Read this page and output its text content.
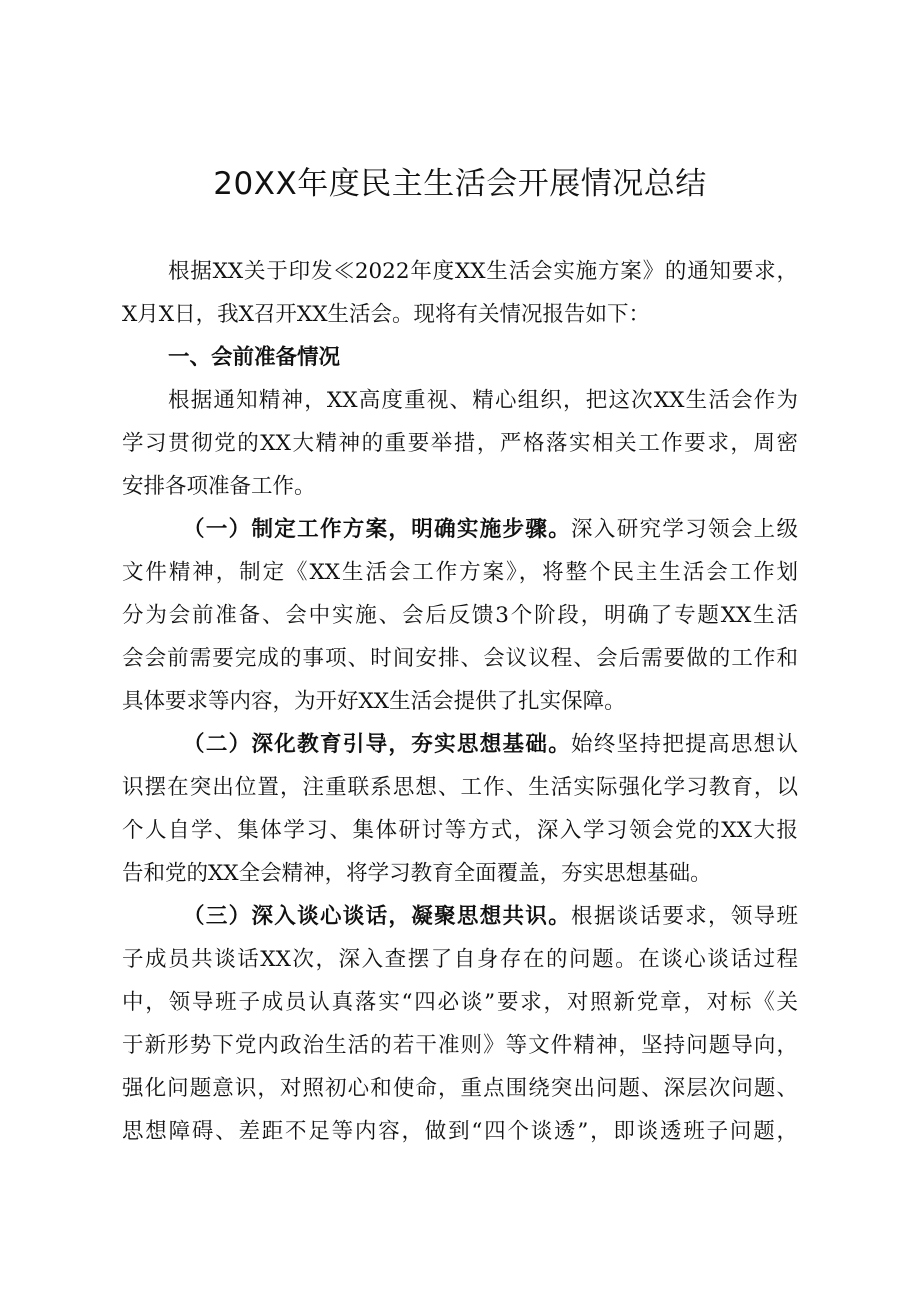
20XX年度民主生活会开展情况总结
根据XX关于印发≪2022年度XX生活会实施方案》的通知要求，
X月X日，我X召开XX生活会。现将有关情况报告如下：
一、会前准备情况
根据通知精神，XX高度重视、精心组织，把这次XX生活会作为
学习贯彻党的XX大精神的重要举措，严格落实相关工作要求，周密
安排各项准备工作。
（一）制定工作方案，明确实施步骤。深入研究学习领会上级
文件精神，制定《XX生活会工作方案》，将整个民主生活会工作划
分为会前准备、会中实施、会后反馈3个阶段，明确了专题XX生活
会会前需要完成的事项、时间安排、会议议程、会后需要做的工作和
具体要求等内容，为开好XX生活会提供了扎实保障。
（二）深化教育引导，夯实思想基础。始终坚持把提高思想认
识摆在突出位置，注重联系思想、工作、生活实际强化学习教育，以
个人自学、集体学习、集体研讨等方式，深入学习领会党的XX大报
告和党的XX全会精神，将学习教育全面覆盖，夯实思想基础。
（三）深入谈心谈话，凝聚思想共识。根据谈话要求，领导班
子成员共谈话XX次，深入查摆了自身存在的问题。在谈心谈话过程
中，领导班子成员认真落实“四必谈”要求，对照新党章，对标《关
于新形势下党内政治生活的若干准则》等文件精神，坚持问题导向，
强化问题意识，对照初心和使命，重点围绕突出问题、深层次问题、
思想障碍、差距不足等内容，做到“四个谈透”，即谈透班子问题，
